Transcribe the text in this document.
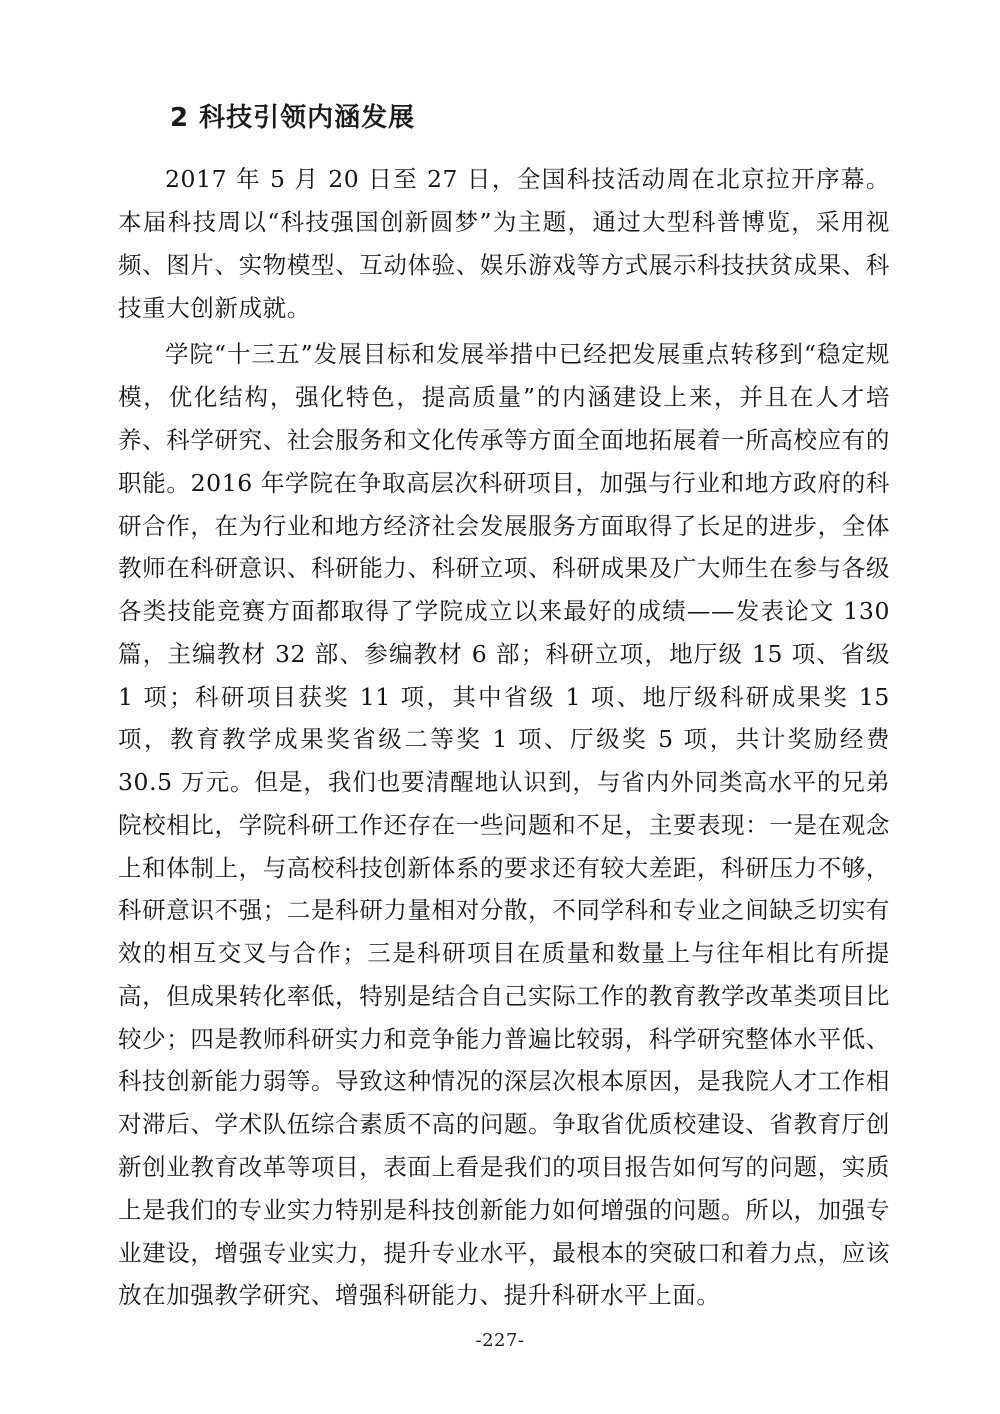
2 科技引领内涵发展

2017 年 5 月 20 日至 27 日，全国科技活动周在北京拉开序幕。本届科技周以“科技强国创新圆梦”为主题，通过大型科普博览，采用视频、图片、实物模型、互动体验、娱乐游戏等方式展示科技扶贫成果、科技重大创新成就。

学院“十三五”发展目标和发展举措中已经把发展重点转移到“稳定规模，优化结构，强化特色，提高质量”的内涵建设上来，并且在人才培养、科学研究、社会服务和文化传承等方面全面地拓展着一所高校应有的职能。2016 年学院在争取高层次科研项目，加强与行业和地方政府的科研合作，在为行业和地方经济社会发展服务方面取得了长足的进步，全体教师在科研意识、科研能力、科研立项、科研成果及广大师生在参与各级各类技能竞赛方面都取得了学院成立以来最好的成绩——发表论文 130 篇，主编教材 32 部、参编教材 6 部；科研立项，地厅级 15 项、省级 1 项；科研项目获奖 11 项，其中省级 1 项、地厅级科研成果奖 15 项，教育教学成果奖省级二等奖 1 项、厅级奖 5 项，共计奖励经费 30.5 万元。但是，我们也要清醒地认识到，与省内外同类高水平的兄弟院校相比，学院科研工作还存在一些问题和不足，主要表现：一是在观念上和体制上，与高校科技创新体系的要求还有较大差距，科研压力不够，科研意识不强；二是科研力量相对分散，不同学科和专业之间缺乏切实有效的相互交叉与合作；三是科研项目在质量和数量上与往年相比有所提高，但成果转化率低，特别是结合自己实际工作的教育教学改革类项目比较少；四是教师科研实力和竞争能力普遍比较弱，科学研究整体水平低、科技创新能力弱等。导致这种情况的深层次根本原因，是我院人才工作相对滞后、学术队伍综合素质不高的问题。争取省优质校建设、省教育厅创新创业教育改革等项目，表面上看是我们的项目报告如何写的问题，实质上是我们的专业实力特别是科技创新能力如何增强的问题。所以，加强专业建设，增强专业实力，提升专业水平，最根本的突破口和着力点，应该放在加强教学研究、增强科研能力、提升科研水平上面。

-227-
